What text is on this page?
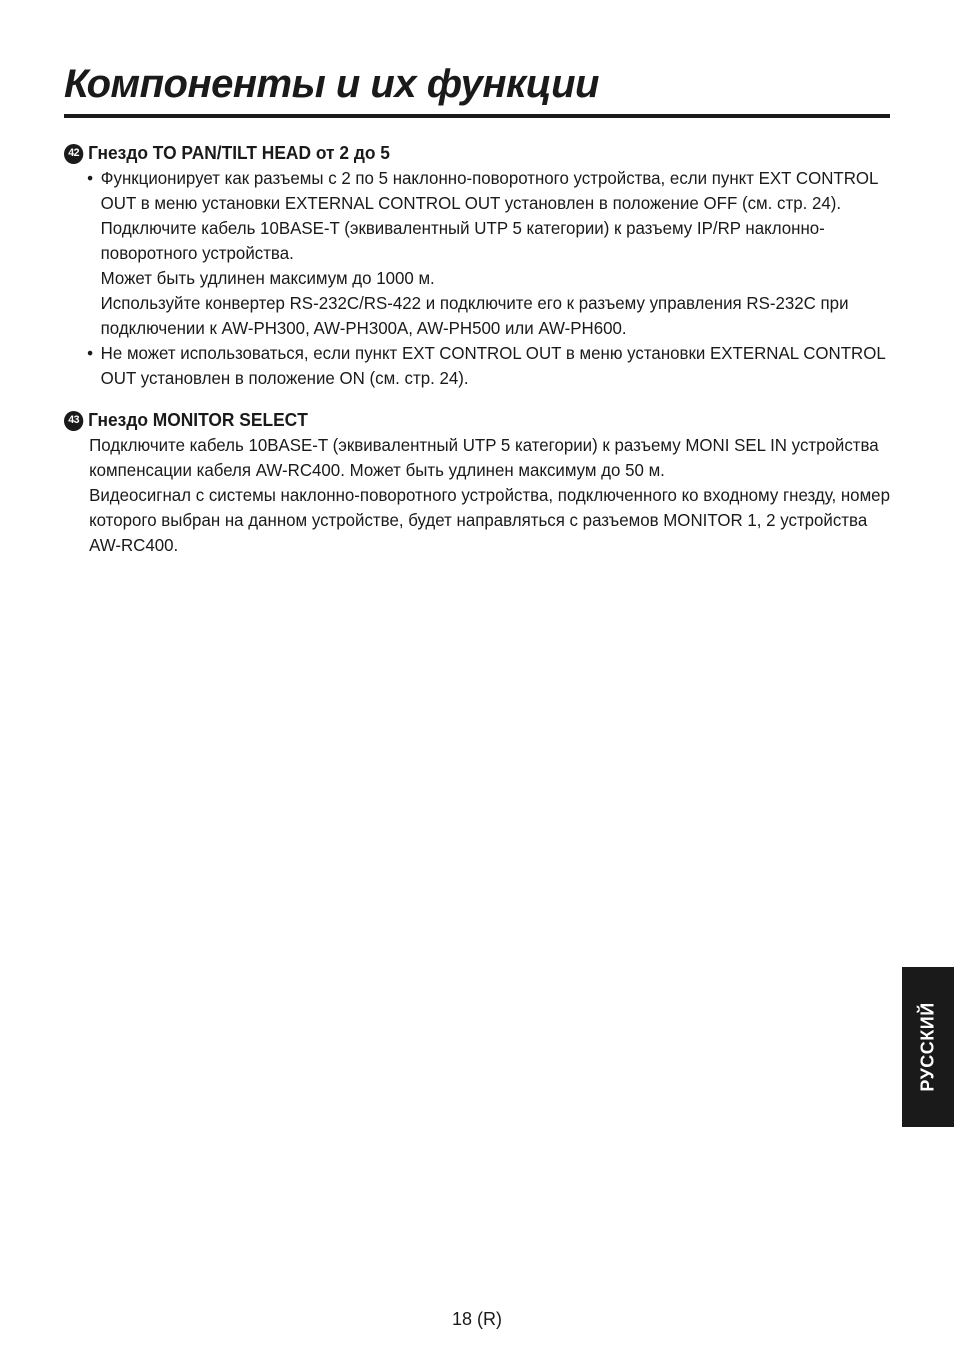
Компоненты и их функции
42 Гнездо TO PAN/TILT HEAD от 2 до 5
• Функционирует как разъемы с 2 по 5 наклонно-поворотного устройства, если пункт EXT CONTROL
OUT в меню установки EXTERNAL CONTROL OUT установлен в положение OFF (см. стр. 24).
Подключите кабель 10BASE-T (эквивалентный UTP 5 категории) к разъему IP/RP наклонно-
поворотного устройства.
Может быть удлинен максимум до 1000 м.
Используйте конвертер RS-232C/RS-422 и подключите его к разъему управления RS-232C при
подключении к AW-PH300, AW-PH300A, AW-PH500 или AW-PH600.
• Не может использоваться, если пункт EXT CONTROL OUT в меню установки EXTERNAL CONTROL
OUT установлен в положение ON (см. стр. 24).
43 Гнездо MONITOR SELECT
Подключите кабель 10BASE-T (эквивалентный UTP 5 категории) к разъему MONI SEL IN устройства
компенсации кабеля AW-RC400. Может быть удлинен максимум до 50 м.
Видеосигнал с системы наклонно-поворотного устройства, подключенного ко входному гнезду, номер
которого выбран на данном устройстве, будет направляться с разъемов MONITOR 1, 2 устройства
AW-RC400.
РУССКИЙ
18 (R)
